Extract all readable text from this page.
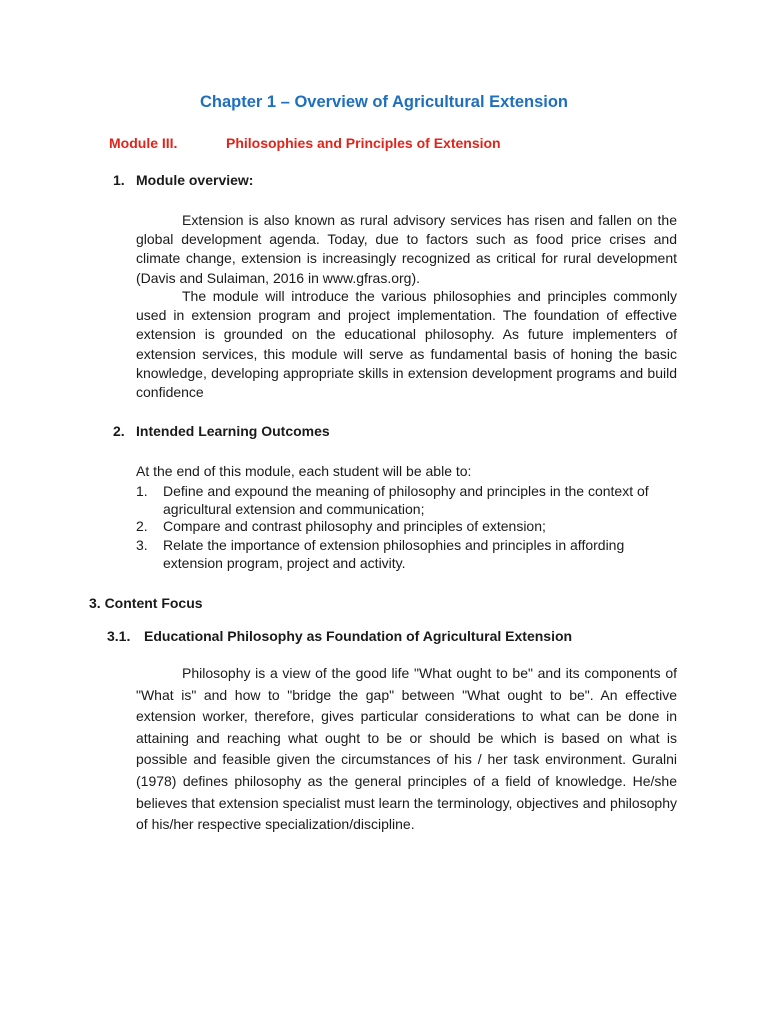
Chapter 1 – Overview of Agricultural Extension
Module III.	Philosophies and Principles of Extension
1. Module overview:
Extension is also known as rural advisory services has risen and fallen on the global development agenda. Today, due to factors such as food price crises and climate change, extension is increasingly recognized as critical for rural development (Davis and Sulaiman, 2016 in www.gfras.org).
The module will introduce the various philosophies and principles commonly used in extension program and project implementation. The foundation of effective extension is grounded on the educational philosophy. As future implementers of extension services, this module will serve as fundamental basis of honing the basic knowledge, developing appropriate skills in extension development programs and build confidence
2. Intended Learning Outcomes
At the end of this module, each student will be able to:
1. Define and expound the meaning of philosophy and principles in the context of agricultural extension and communication;
2. Compare and contrast philosophy and principles of extension;
3. Relate the importance of extension philosophies and principles in affording extension program, project and activity.
3. Content Focus
3.1. Educational Philosophy as Foundation of Agricultural Extension
Philosophy is a view of the good life "What ought to be" and its components of "What is" and how to "bridge the gap" between "What ought to be". An effective extension worker, therefore, gives particular considerations to what can be done in attaining and reaching what ought to be or should be which is based on what is possible and feasible given the circumstances of his / her task environment. Guralni (1978) defines philosophy as the general principles of a field of knowledge. He/she believes that extension specialist must learn the terminology, objectives and philosophy of his/her respective specialization/discipline.
